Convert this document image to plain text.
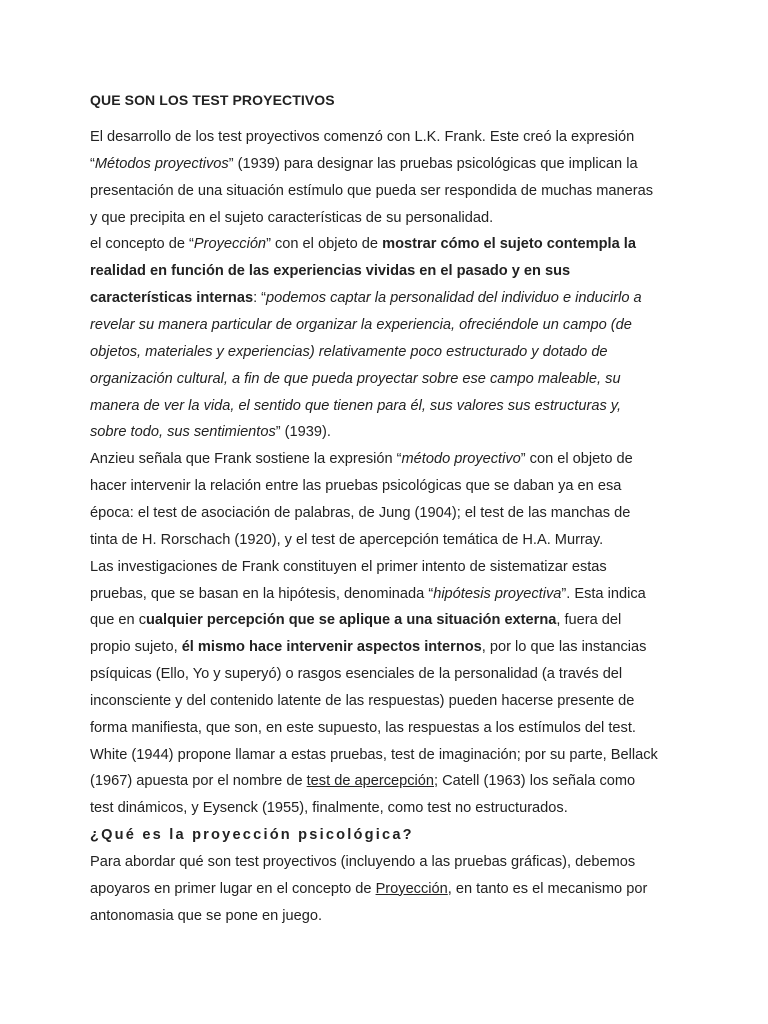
QUE SON LOS TEST PROYECTIVOS
El desarrollo de los test proyectivos comenzó con L.K. Frank. Este creó la expresión
“Métodos proyectivos” (1939) para designar las pruebas psicológicas que implican la
presentación de una situación estímulo que pueda ser respondida de muchas maneras
y que precipita en el sujeto características de su personalidad.
el concepto de “Proyección” con el objeto de mostrar cómo el sujeto contempla la
realidad en función de las experiencias vividas en el pasado y en sus
características internas: “podemos captar la personalidad del individuo e inducirlo a
revelar su manera particular de organizar la experiencia, ofreciéndole un campo (de
objetos, materiales y experiencias) relativamente poco estructurado y dotado de
organización cultural, a fin de que pueda proyectar sobre ese campo maleable, su
manera de ver la vida, el sentido que tienen para él, sus valores sus estructuras y,
sobre todo, sus sentimientos” (1939).
Anzieu señala que Frank sostiene la expresión “método proyectivo” con el objeto de
hacer intervenir la relación entre las pruebas psicológicas que se daban ya en esa
época: el test de asociación de palabras, de Jung (1904); el test de las manchas de
tinta de H. Rorschach (1920), y el test de apercepción temática de H.A. Murray.
Las investigaciones de Frank constituyen el primer intento de sistematizar estas
pruebas, que se basan en la hipótesis, denominada “hipótesis proyectiva”. Esta indica
que en cualquier percepción que se aplique a una situación externa, fuera del
propio sujeto, él mismo hace intervenir aspectos internos, por lo que las instancias
psíquicas (Ello, Yo y superyó) o rasgos esenciales de la personalidad (a través del
inconsciente y del contenido latente de las respuestas) pueden hacerse presente de
forma manifiesta, que son, en este supuesto, las respuestas a los estímulos del test.
White (1944) propone llamar a estas pruebas, test de imaginación; por su parte, Bellack
(1967) apuesta por el nombre de test de apercepción; Catell (1963) los señala como
test dinámicos, y Eysenck (1955), finalmente, como test no estructurados.
¿Qué es la proyección psicológica?
Para abordar qué son test proyectivos (incluyendo a las pruebas gráficas), debemos
apoyaros en primer lugar en el concepto de Proyección, en tanto es el mecanismo por
antonomasia que se pone en juego.
